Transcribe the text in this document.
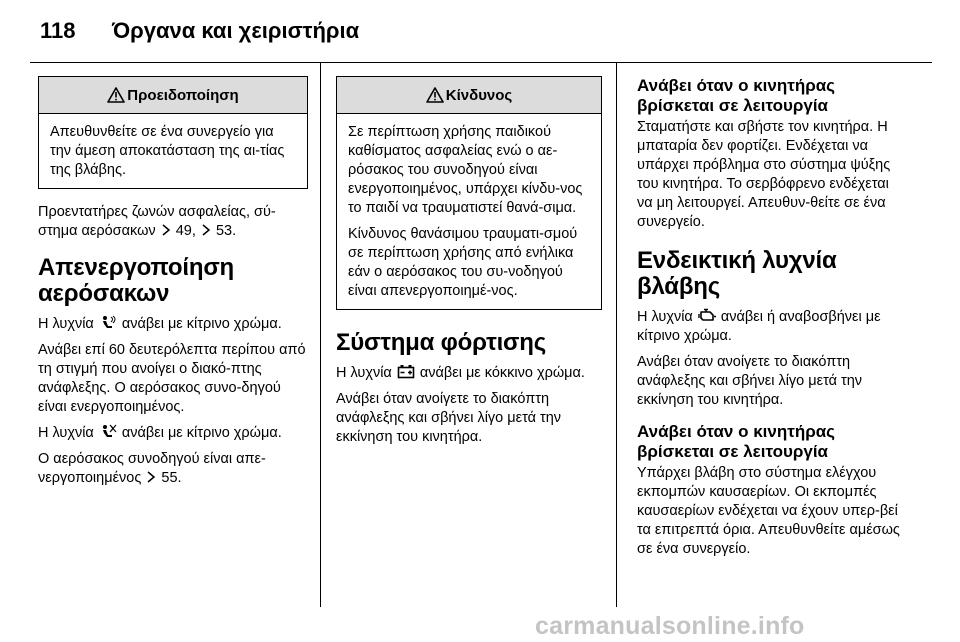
118 Όργανα και χειριστήρια
Προειδοποίηση

Απευθυνθείτε σε ένα συνεργείο για την άμεση αποκατάσταση της αι-τίας της βλάβης.

Προεντατήρες ζωνών ασφαλείας, σύ-στημα αερόσακων 49, 53.

Απενεργοποίηση αερόσακων

Η λυχνία ανάβει με κίτρινο χρώμα.

Ανάβει επί 60 δευτερόλεπτα περίπου από τη στιγμή που ανοίγει ο διακό-πτης ανάφλεξης. Ο αερόσακος συνο-δηγού είναι ενεργοποιημένος.

Η λυχνία ανάβει με κίτρινο χρώμα.

Ο αερόσακος συνοδηγού είναι απε-νεργοποιημένος 55.

Κίνδυνος

Σε περίπτωση χρήσης παιδικού καθίσματος ασφαλείας ενώ ο αε-ρόσακος του συνοδηγού είναι ενεργοποιημένος, υπάρχει κίνδυ-νος το παιδί να τραυματιστεί θανά-σιμα.

Κίνδυνος θανάσιμου τραυματι-σμού σε περίπτωση χρήσης από ενήλικα εάν ο αερόσακος του συ-νοδηγού είναι απενεργοποιημέ-νος.

Σύστημα φόρτισης

Η λυχνία ανάβει με κόκκινο χρώμα.

Ανάβει όταν ανοίγετε το διακόπτη ανάφλεξης και σβήνει λίγο μετά την εκκίνηση του κινητήρα.

Ανάβει όταν ο κινητήρας βρίσκεται σε λειτουργία

Σταματήστε και σβήστε τον κινητήρα. Η μπαταρία δεν φορτίζει. Ενδέχεται να υπάρχει πρόβλημα στο σύστημα ψύξης του κινητήρα. Το σερβόφρενο ενδέχεται να μη λειτουργεί. Απευθυν-θείτε σε ένα συνεργείο.

Ενδεικτική λυχνία βλάβης

Η λυχνία ανάβει ή αναβοσβήνει με κίτρινο χρώμα.

Ανάβει όταν ανοίγετε το διακόπτη ανάφλεξης και σβήνει λίγο μετά την εκκίνηση του κινητήρα.

Ανάβει όταν ο κινητήρας βρίσκεται σε λειτουργία

Υπάρχει βλάβη στο σύστημα ελέγχου εκπομπών καυσαερίων. Οι εκπομπές καυσαερίων ενδέχεται να έχουν υπερ-βεί τα επιτρεπτά όρια. Απευθυνθείτε αμέσως σε ένα συνεργείο.

carmanualsonline.info
